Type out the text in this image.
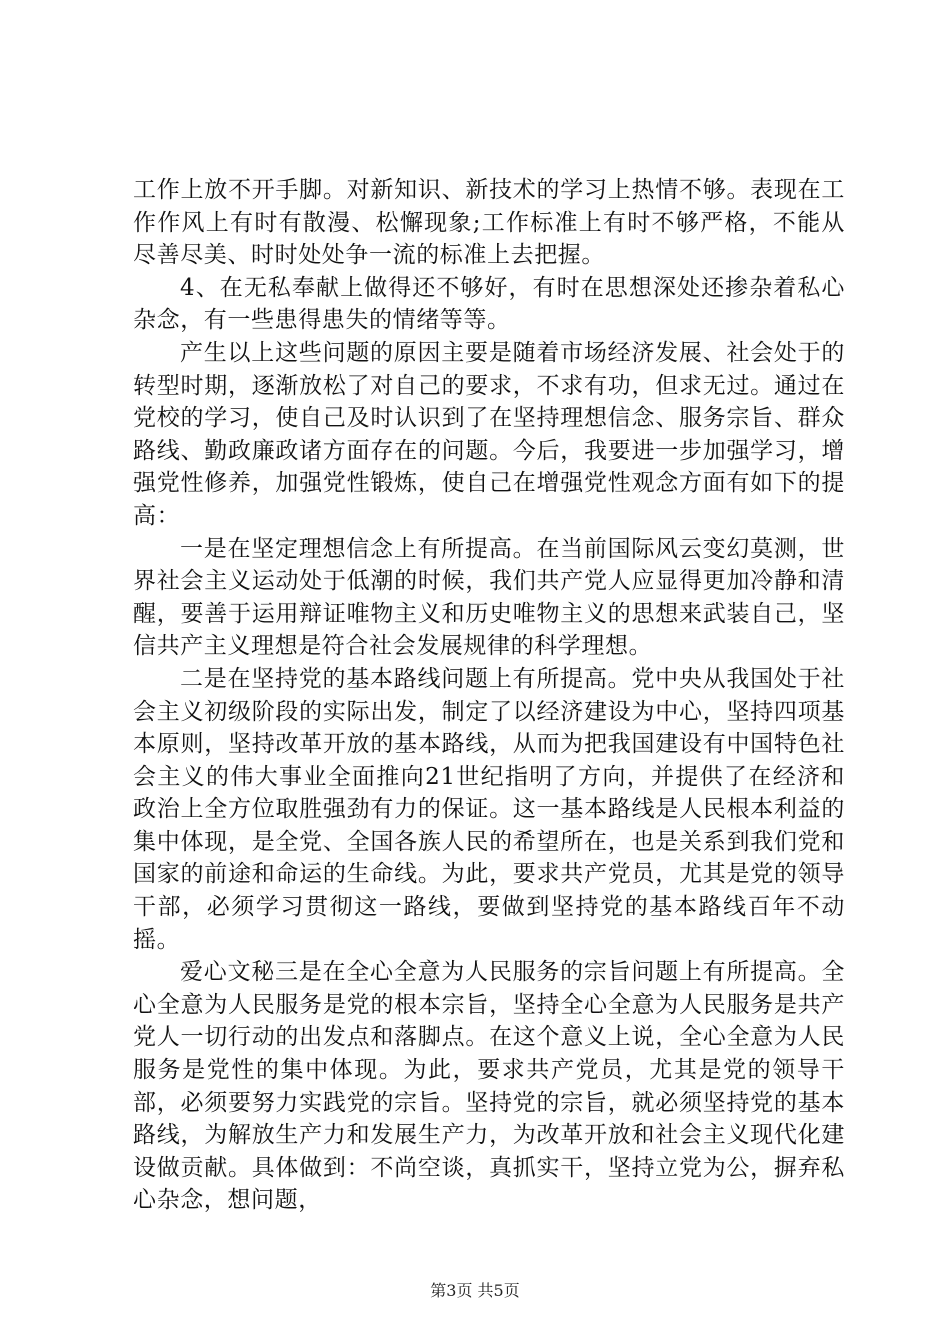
工作上放不开手脚。对新知识、新技术的学习上热情不够。表现在工作作风上有时有散漫、松懈现象;工作标准上有时不够严格，不能从尽善尽美、时时处处争一流的标准上去把握。

4、在无私奉献上做得还不够好，有时在思想深处还掺杂着私心杂念，有一些患得患失的情绪等等。

产生以上这些问题的原因主要是随着市场经济发展、社会处于的转型时期，逐渐放松了对自己的要求，不求有功，但求无过。通过在党校的学习，使自己及时认识到了在坚持理想信念、服务宗旨、群众路线、勤政廉政诸方面存在的问题。今后，我要进一步加强学习，增强党性修养，加强党性锻炼，使自己在增强党性观念方面有如下的提高：

一是在坚定理想信念上有所提高。在当前国际风云变幻莫测，世界社会主义运动处于低潮的时候，我们共产党人应显得更加冷静和清醒，要善于运用辩证唯物主义和历史唯物主义的思想来武装自己，坚信共产主义理想是符合社会发展规律的科学理想。

二是在坚持党的基本路线问题上有所提高。党中央从我国处于社会主义初级阶段的实际出发，制定了以经济建设为中心，坚持四项基本原则，坚持改革开放的基本路线，从而为把我国建设有中国特色社会主义的伟大事业全面推向21世纪指明了方向，并提供了在经济和政治上全方位取胜强劲有力的保证。这一基本路线是人民根本利益的集中体现，是全党、全国各族人民的希望所在，也是关系到我们党和国家的前途和命运的生命线。为此，要求共产党员，尤其是党的领导干部，必须学习贯彻这一路线，要做到坚持党的基本路线百年不动摇。

爱心文秘三是在全心全意为人民服务的宗旨问题上有所提高。全心全意为人民服务是党的根本宗旨，坚持全心全意为人民服务是共产党人一切行动的出发点和落脚点。在这个意义上说，全心全意为人民服务是党性的集中体现。为此，要求共产党员，尤其是党的领导干部，必须要努力实践党的宗旨。坚持党的宗旨，就必须坚持党的基本路线，为解放生产力和发展生产力，为改革开放和社会主义现代化建设做贡献。具体做到：不尚空谈，真抓实干，坚持立党为公，摒弃私心杂念，想问题，

第3页 共5页
